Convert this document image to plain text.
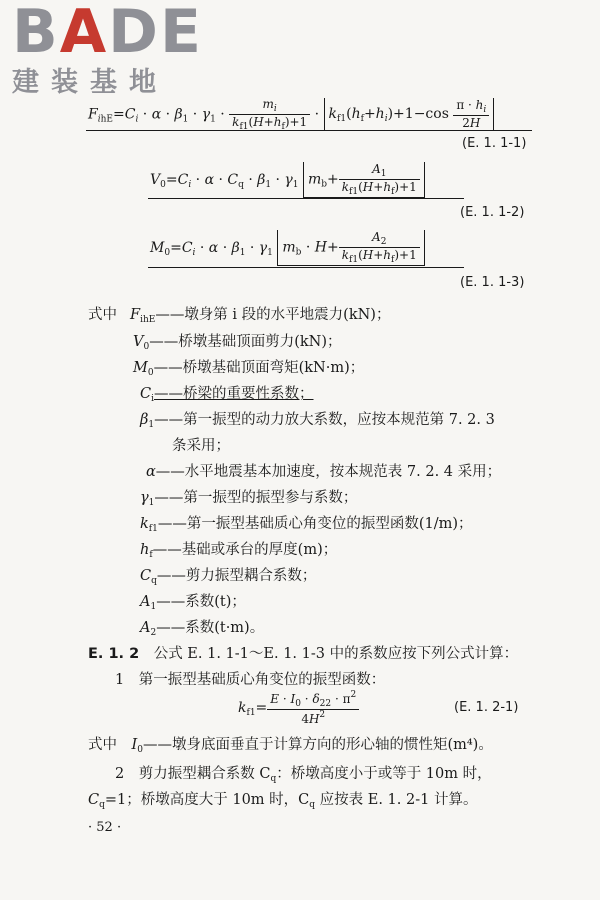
BADE
建装基地
$F_{ihE}=C_i \cdot \alpha \cdot \beta_1 \cdot \gamma_1 \cdot \frac{m_i}{k_{f1}(H+h_f)+1} \cdot k_{f1}(h_f+h_i)+1-\cos \frac{\pi \cdot h_i}{2H}$
(E. 1. 1-1)
$V_0=C_i \cdot \alpha \cdot C_q \cdot \beta_1 \cdot \gamma_1$ $m_b+ \frac{A_1}{k_{f1}(H+h_f)+1}$
(E. 1. 1-2)
$M_0=C_i \cdot \alpha \cdot \beta_1 \cdot \gamma_1$ $m_b \cdot H+ \frac{A_2}{k_{f1}(H+h_f)+1}$
(E. 1. 1-3)
式中 $F_{ihE}——$墩身第 i 段的水平地震力(kN)；
$V_0——$桥墩基础顶面剪力(kN)；
$M_0——$桥墩基础顶面弯矩(kN·m)；
$C_i——$桥梁的重要性系数；
$\beta_1——$第一振型的动力放大系数，应按本规范第 7. 2. 3
条采用；
α——水平地震基本加速度，按本规范表 7. 2. 4 采用；
$\gamma_1——$第一振型的振型参与系数；
$k_{f1}——$第一振型基础质心角变位的振型函数(1/m)；
$h_f——$基础或承台的厚度(m)；
$C_q——$剪力振型耦合系数；
$A_1——$系数(t)；
$A_2——$系数(t·m)。
E. 1. 2　 公式 E. 1. 1-1～E. 1. 1-3 中的系数应按下列公式计算：
1　第一振型基础质心角变位的振型函数：
$k_{f1}= \frac{E \cdot I_0 \cdot \delta_{22} \cdot \pi^2}{4H^2}$	(E. 1. 2-1)
式中　 $I_0——$墩身底面垂直于计算方向的形心轴的惯性矩(m⁴)。
2　剪力振型耦合系数 $C_q$：桥墩高度小于或等于 10m 时，
$C_q=1$；桥墩高度大于 10m 时，$C_q$ 应按表 E. 1. 2-1 计算。
· 52 ·
